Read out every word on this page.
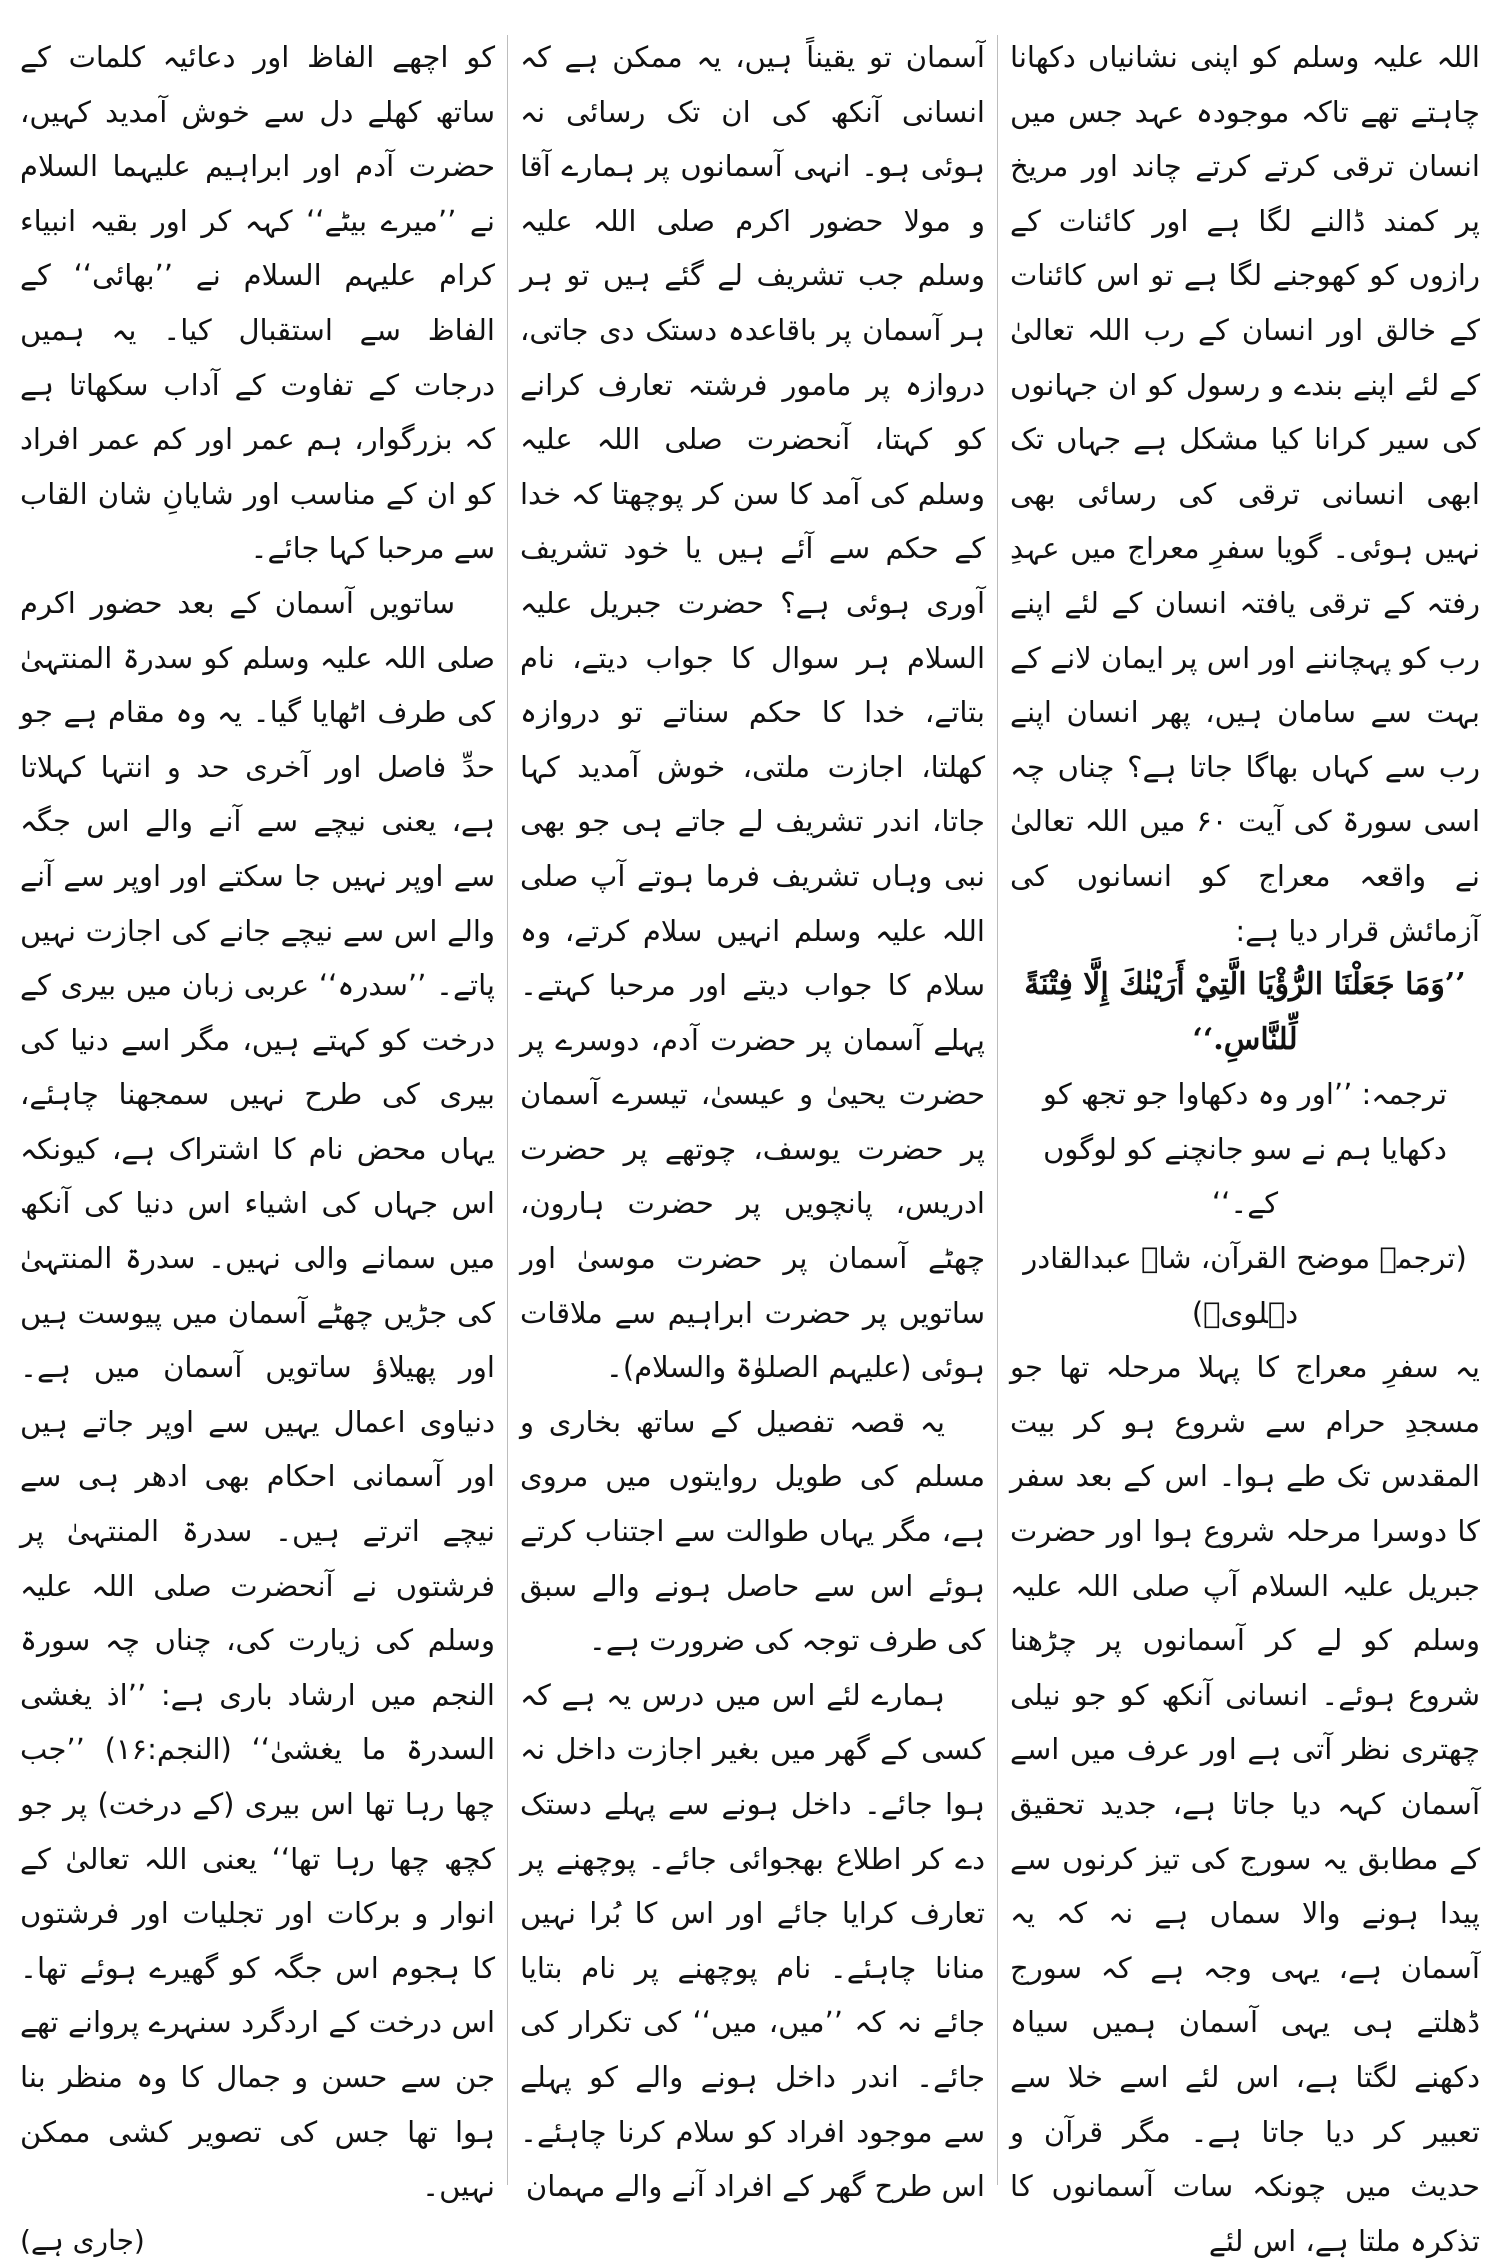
اللہ علیہ وسلم کو اپنی نشانیاں دکھانا چاہتے تھے تاکہ موجودہ عہد جس میں انسان ترقی کرتے کرتے چاند اور مریخ پر کمند ڈالنے لگا ہے اور کائنات کے رازوں کو کھوجنے لگا ہے تو اس کائنات کے خالق اور انسان کے رب اللہ تعالیٰ کے لئے اپنے بندے و رسول کو ان جہانوں کی سیر کرانا کیا مشکل ہے جہاں تک ابھی انسانی ترقی کی رسائی بھی نہیں ہوئی۔ گویا سفرِ معراج میں عہدِ رفتہ کے ترقی یافتہ انسان کے لئے اپنے رب کو پہچاننے اور اس پر ایمان لانے کے بہت سے سامان ہیں، پھر انسان اپنے رب سے کہاں بھاگا جاتا ہے؟ چناں چہ اسی سورۃ کی آیت ۶۰ میں اللہ تعالیٰ نے واقعہ معراج کو انسانوں کی آزمائش قرار دیا ہے:

’’وَمَا جَعَلْنَا الرُّؤْيَا الَّتِيْ أَرَيْنٰكَ إِلَّا فِتْنَةً لِّلنَّاسِ.‘‘

ترجمہ: ’’اور وہ دکھاوا جو تجھ کو دکھایا ہم نے سو جانچنے کو لوگوں کے۔‘‘

(ترجمہ موضح القرآن، شاہ عبدالقادر دہلویؒ)

یہ سفرِ معراج کا پہلا مرحلہ تھا جو مسجدِ حرام سے شروع ہو کر بیت المقدس تک طے ہوا۔ اس کے بعد سفر کا دوسرا مرحلہ شروع ہوا اور حضرت جبریل علیہ السلام آپ صلی اللہ علیہ وسلم کو لے کر آسمانوں پر چڑھنا شروع ہوئے۔ انسانی آنکھ کو جو نیلی چھتری نظر آتی ہے اور عرف میں اسے آسمان کہہ دیا جاتا ہے، جدید تحقیق کے مطابق یہ سورج کی تیز کرنوں سے پیدا ہونے والا سماں ہے نہ کہ یہ آسمان ہے، یہی وجہ ہے کہ سورج ڈھلتے ہی یہی آسمان ہمیں سیاہ دکھنے لگتا ہے، اس لئے اسے خلا سے تعبیر کر دیا جاتا ہے۔ مگر قرآن و حدیث میں چونکہ سات آسمانوں کا تذکرہ ملتا ہے، اس لئے

آسمان تو یقیناً ہیں، یہ ممکن ہے کہ انسانی آنکھ کی ان تک رسائی نہ ہوئی ہو۔ انہی آسمانوں پر ہمارے آقا و مولا حضور اکرم صلی اللہ علیہ وسلم جب تشریف لے گئے ہیں تو ہر ہر آسمان پر باقاعدہ دستک دی جاتی، دروازہ پر مامور فرشتہ تعارف کرانے کو کہتا، آنحضرت صلی اللہ علیہ وسلم کی آمد کا سن کر پوچھتا کہ خدا کے حکم سے آئے ہیں یا خود تشریف آوری ہوئی ہے؟ حضرت جبریل علیہ السلام ہر سوال کا جواب دیتے، نام بتاتے، خدا کا حکم سناتے تو دروازہ کھلتا، اجازت ملتی، خوش آمدید کہا جاتا، اندر تشریف لے جاتے ہی جو بھی نبی وہاں تشریف فرما ہوتے آپ صلی اللہ علیہ وسلم انہیں سلام کرتے، وہ سلام کا جواب دیتے اور مرحبا کہتے۔ پہلے آسمان پر حضرت آدم، دوسرے پر حضرت یحییٰ و عیسیٰ، تیسرے آسمان پر حضرت یوسف، چوتھے پر حضرت ادریس، پانچویں پر حضرت ہارون، چھٹے آسمان پر حضرت موسیٰ اور ساتویں پر حضرت ابراہیم سے ملاقات ہوئی (علیہم الصلوٰۃ والسلام)۔

یہ قصہ تفصیل کے ساتھ بخاری و مسلم کی طویل روایتوں میں مروی ہے، مگر یہاں طوالت سے اجتناب کرتے ہوئے اس سے حاصل ہونے والے سبق کی طرف توجہ کی ضرورت ہے۔

ہمارے لئے اس میں درس یہ ہے کہ کسی کے گھر میں بغیر اجازت داخل نہ ہوا جائے۔ داخل ہونے سے پہلے دستک دے کر اطلاع بھجوائی جائے۔ پوچھنے پر تعارف کرایا جائے اور اس کا بُرا نہیں منانا چاہئے۔ نام پوچھنے پر نام بتایا جائے نہ کہ ’’میں، میں‘‘ کی تکرار کی جائے۔ اندر داخل ہونے والے کو پہلے سے موجود افراد کو سلام کرنا چاہئے۔ اس طرح گھر کے افراد آنے والے مہمان

کو اچھے الفاظ اور دعائیہ کلمات کے ساتھ کھلے دل سے خوش آمدید کہیں، حضرت آدم اور ابراہیم علیہما السلام نے ’’میرے بیٹے‘‘ کہہ کر اور بقیہ انبیاء کرام علیہم السلام نے ’’بھائی‘‘ کے الفاظ سے استقبال کیا۔ یہ ہمیں درجات کے تفاوت کے آداب سکھاتا ہے کہ بزرگوار، ہم عمر اور کم عمر افراد کو ان کے مناسب اور شایانِ شان القاب سے مرحبا کہا جائے۔

ساتویں آسمان کے بعد حضور اکرم صلی اللہ علیہ وسلم کو سدرۃ المنتہیٰ کی طرف اٹھایا گیا۔ یہ وہ مقام ہے جو حدِّ فاصل اور آخری حد و انتہا کہلاتا ہے، یعنی نیچے سے آنے والے اس جگہ سے اوپر نہیں جا سکتے اور اوپر سے آنے والے اس سے نیچے جانے کی اجازت نہیں پاتے۔ ’’سدرہ‘‘ عربی زبان میں بیری کے درخت کو کہتے ہیں، مگر اسے دنیا کی بیری کی طرح نہیں سمجھنا چاہئے، یہاں محض نام کا اشتراک ہے، کیونکہ اس جہاں کی اشیاء اس دنیا کی آنکھ میں سمانے والی نہیں۔ سدرۃ المنتہیٰ کی جڑیں چھٹے آسمان میں پیوست ہیں اور پھیلاؤ ساتویں آسمان میں ہے۔ دنیاوی اعمال یہیں سے اوپر جاتے ہیں اور آسمانی احکام بھی ادھر ہی سے نیچے اترتے ہیں۔ سدرۃ المنتہیٰ پر فرشتوں نے آنحضرت صلی اللہ علیہ وسلم کی زیارت کی، چناں چہ سورۃ النجم میں ارشاد باری ہے: ’’اذ یغشی السدرۃ ما یغشیٰ‘‘ (النجم:۱۶) ’’جب چھا رہا تھا اس بیری (کے درخت) پر جو کچھ چھا رہا تھا‘‘ یعنی اللہ تعالیٰ کے انوار و برکات اور تجلیات اور فرشتوں کا ہجوم اس جگہ کو گھیرے ہوئے تھا۔ اس درخت کے اردگرد سنہرے پروانے تھے جن سے حسن و جمال کا وہ منظر بنا ہوا تھا جس کی تصویر کشی ممکن نہیں۔

(جاری ہے)
